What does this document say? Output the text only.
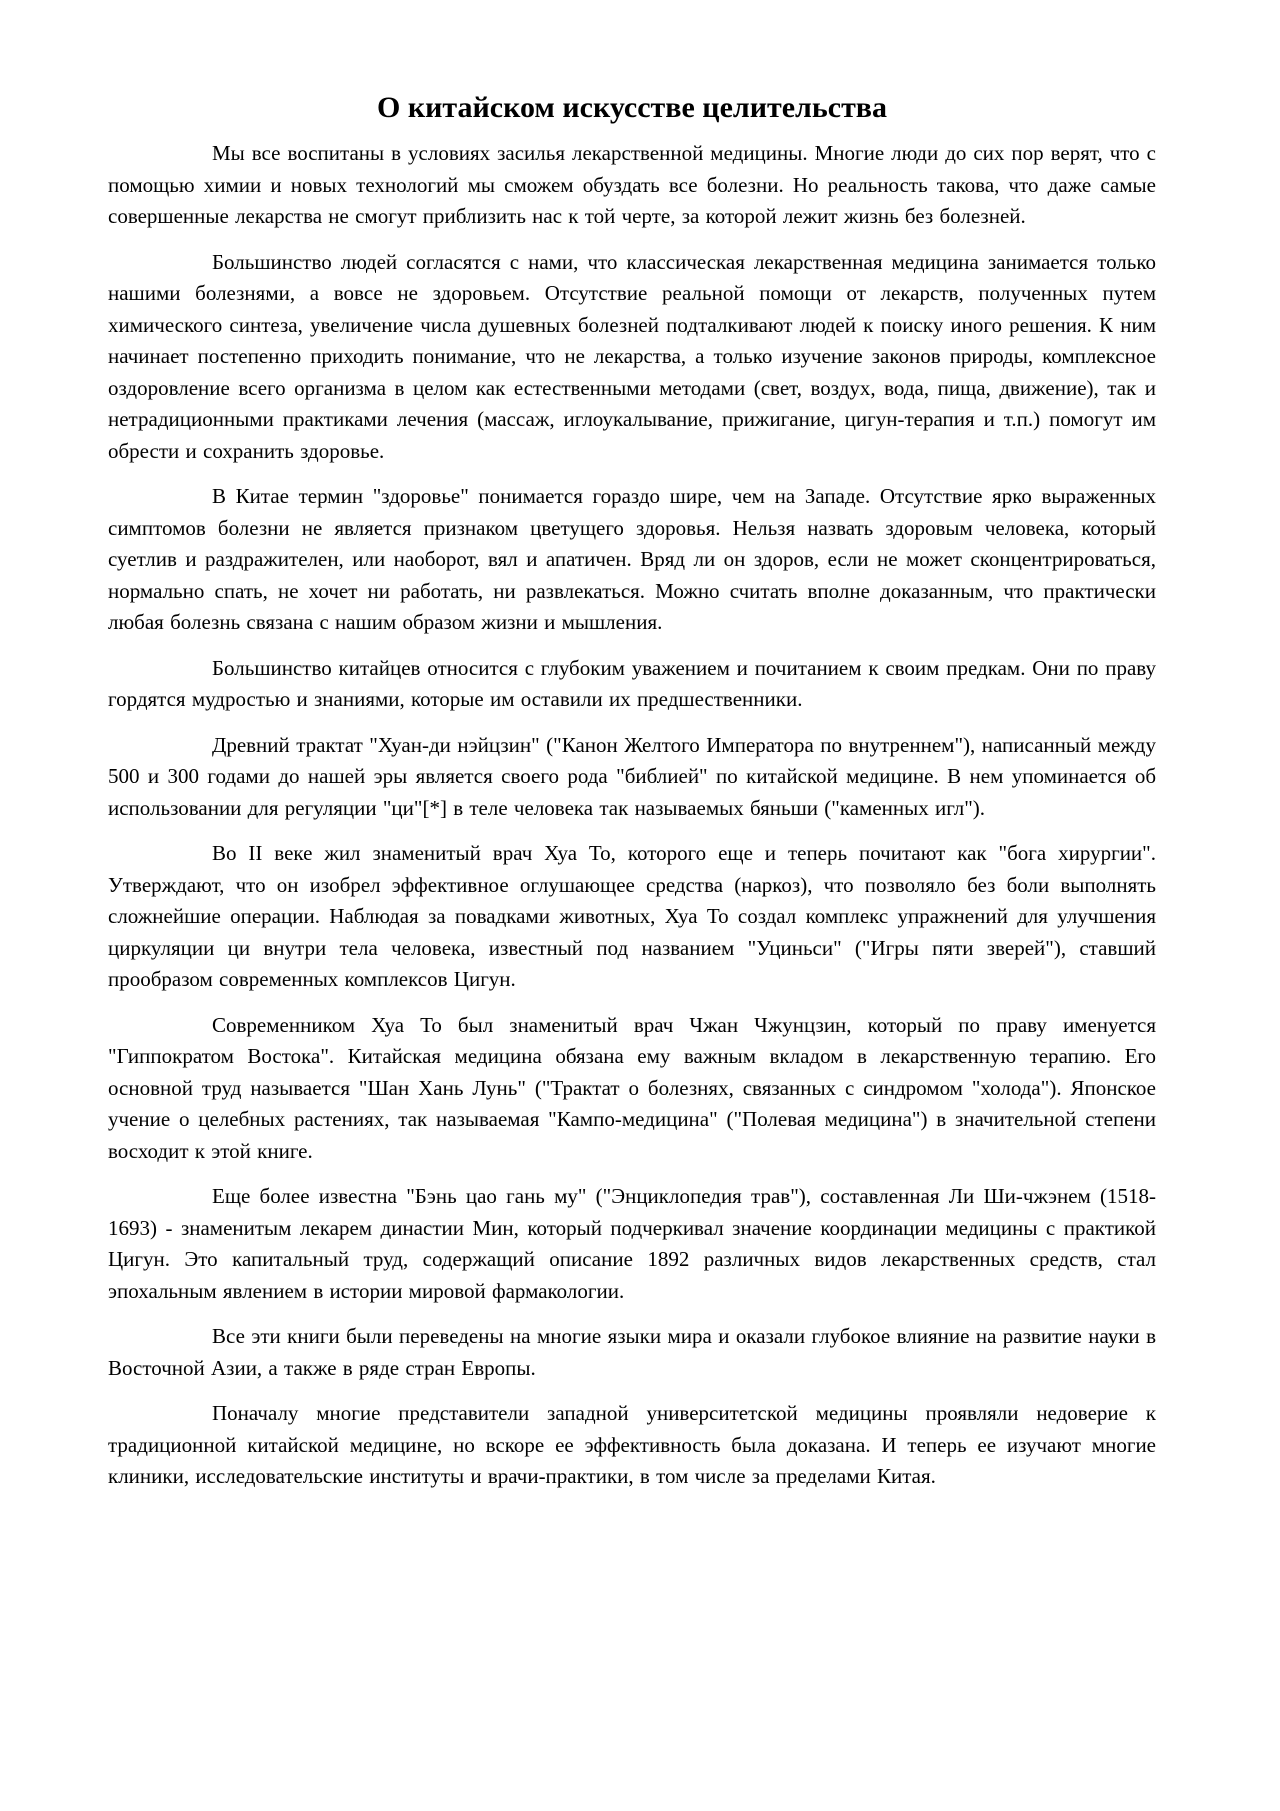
О китайском искусстве целительства

Мы все воспитаны в условиях засилья лекарственной медицины. Многие люди до сих пор верят, что с помощью химии и новых технологий мы сможем обуздать все болезни. Но реальность такова, что даже самые совершенные лекарства не смогут приблизить нас к той черте, за которой лежит жизнь без болезней.

Большинство людей согласятся с нами, что классическая лекарственная медицина занимается только нашими болезнями, а вовсе не здоровьем. Отсутствие реальной помощи от лекарств, полученных путем химического синтеза, увеличение числа душевных болезней подталкивают людей к поиску иного решения. К ним начинает постепенно приходить понимание, что не лекарства, а только изучение законов природы, комплексное оздоровление всего организма в целом как естественными методами (свет, воздух, вода, пища, движение), так и нетрадиционными практиками лечения (массаж, иглоукалывание, прижигание, цигун-терапия и т.п.) помогут им обрести и сохранить здоровье.

В Китае термин "здоровье" понимается гораздо шире, чем на Западе. Отсутствие ярко выраженных симптомов болезни не является признаком цветущего здоровья. Нельзя назвать здоровым человека, который суетлив и раздражителен, или наоборот, вял и апатичен. Вряд ли он здоров, если не может сконцентрироваться, нормально спать, не хочет ни работать, ни развлекаться. Можно считать вполне доказанным, что практически любая болезнь связана с нашим образом жизни и мышления.

Большинство китайцев относится с глубоким уважением и почитанием к своим предкам. Они по праву гордятся мудростью и знаниями, которые им оставили их предшественники.

Древний трактат "Хуан-ди нэйцзин" ("Канон Желтого Императора по внутреннем"), написанный между 500 и 300 годами до нашей эры является своего рода "библией" по китайской медицине. В нем упоминается об использовании для регуляции "ци"[*] в теле человека так называемых бяньши ("каменных игл").

Во II веке жил знаменитый врач Хуа То, которого еще и теперь почитают как "бога хирургии". Утверждают, что он изобрел эффективное оглушающее средства (наркоз), что позволяло без боли выполнять сложнейшие операции. Наблюдая за повадками животных, Хуа То создал комплекс упражнений для улучшения циркуляции ци внутри тела человека, известный под названием "Уциньси" ("Игры пяти зверей"), ставший прообразом современных комплексов Цигун.

Современником Хуа То был знаменитый врач Чжан Чжунцзин, который по праву именуется "Гиппократом Востока". Китайская медицина обязана ему важным вкладом в лекарственную терапию. Его основной труд называется "Шан Хань Лунь" ("Трактат о болезнях, связанных с синдромом "холода"). Японское учение о целебных растениях, так называемая "Кампо-медицина" ("Полевая медицина") в значительной степени восходит к этой книге.

Еще более известна "Бэнь цао гань му" ("Энциклопедия трав"), составленная Ли Ши-чжэнем (1518-1693) - знаменитым лекарем династии Мин, который подчеркивал значение координации медицины с практикой Цигун. Это капитальный труд, содержащий описание 1892 различных видов лекарственных средств, стал эпохальным явлением в истории мировой фармакологии.

Все эти книги были переведены на многие языки мира и оказали глубокое влияние на развитие науки в Восточной Азии, а также в ряде стран Европы.

Поначалу многие представители западной университетской медицины проявляли недоверие к традиционной китайской медицине, но вскоре ее эффективность была доказана. И теперь ее изучают многие клиники, исследовательские институты и врачи-практики, в том числе за пределами Китая.
